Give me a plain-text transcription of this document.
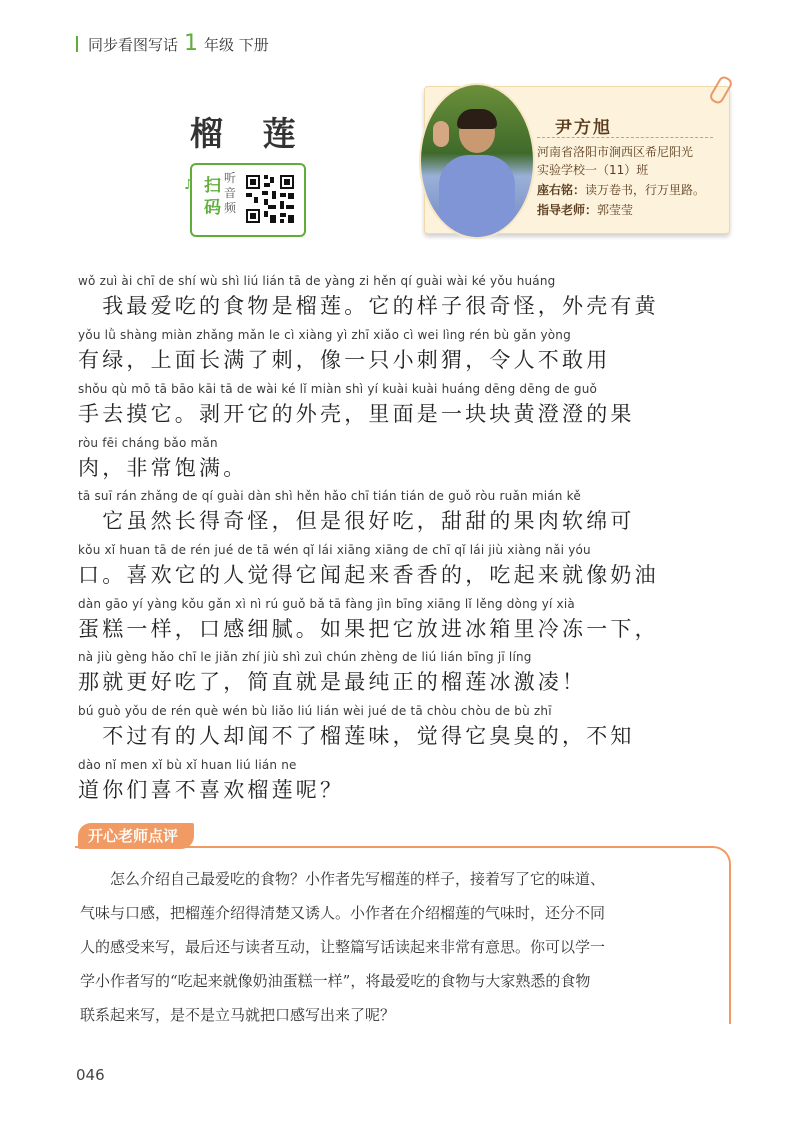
同步看图写话 1 年级 下册
榴 莲
♪ 扫码
听音频
尹方旭
河南省洛阳市涧西区希尼阳光
实验学校一（11）班
座右铭：读万卷书，行万里路。
指导老师：郭莹莹
wǒ zuì ài chī de shí wù shì liú lián tā de yàng zi hěn qí guài wài ké yǒu huáng
　我最爱吃的食物是榴莲。它的样子很奇怪，外壳有黄
yǒu lǜ shàng miàn zhǎng mǎn le cì xiàng yì zhī xiǎo cì wei lìng rén bù gǎn yòng
有绿，上面长满了刺，像一只小刺猬，令人不敢用
shǒu qù mō tā bāo kāi tā de wài ké lǐ miàn shì yí kuài kuài huáng dēng dēng de guǒ
手去摸它。剥开它的外壳，里面是一块块黄澄澄的果
ròu fēi cháng bǎo mǎn
肉，非常饱满。
tā suī rán zhǎng de qí guài dàn shì hěn hǎo chī tián tián de guǒ ròu ruǎn mián kě
　它虽然长得奇怪，但是很好吃，甜甜的果肉软绵可
kǒu xǐ huan tā de rén jué de tā wén qǐ lái xiāng xiāng de chī qǐ lái jiù xiàng nǎi yóu
口。喜欢它的人觉得它闻起来香香的，吃起来就像奶油
dàn gāo yí yàng kǒu gǎn xì nì rú guǒ bǎ tā fàng jìn bīng xiāng lǐ lěng dòng yí xià
蛋糕一样，口感细腻。如果把它放进冰箱里冷冻一下，
nà jiù gèng hǎo chī le jiǎn zhí jiù shì zuì chún zhèng de liú lián bīng jī líng
那就更好吃了，简直就是最纯正的榴莲冰激凌！
bú guò yǒu de rén què wén bù liǎo liú lián wèi jué de tā chòu chòu de bù zhī
　不过有的人却闻不了榴莲味，觉得它臭臭的，不知
dào nǐ men xǐ bù xǐ huan liú lián ne
道你们喜不喜欢榴莲呢？
开心老师点评

　　怎么介绍自己最爱吃的食物？小作者先写榴莲的样子，接着写了它的味道、

气味与口感，把榴莲介绍得清楚又诱人。小作者在介绍榴莲的气味时，还分不同

人的感受来写，最后还与读者互动，让整篇写话读起来非常有意思。你可以学一

学小作者写的“吃起来就像奶油蛋糕一样”，将最爱吃的食物与大家熟悉的食物

联系起来写，是不是立马就把口感写出来了呢？

046
